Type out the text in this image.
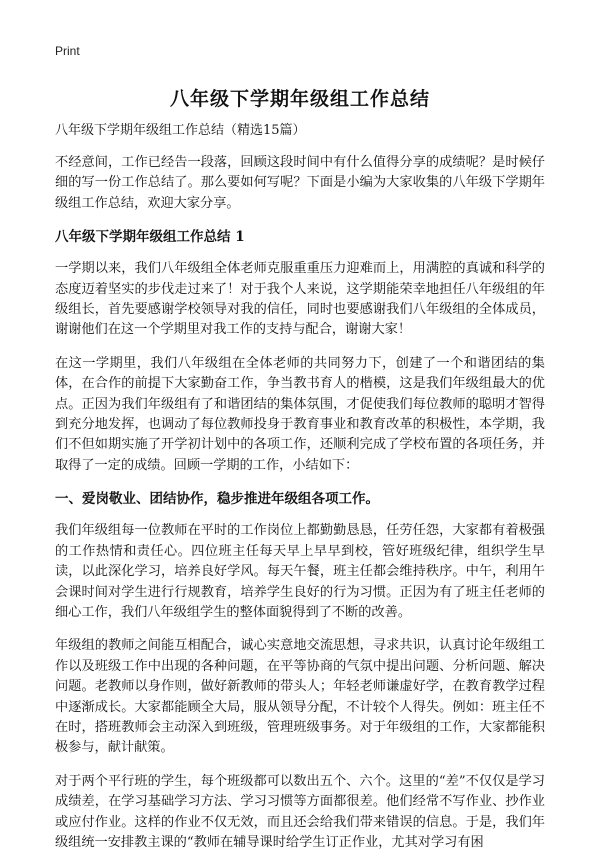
Print
八年级下学期年级组工作总结
八年级下学期年级组工作总结（精选15篇）

不经意间，工作已经告一段落，回顾这段时间中有什么值得分享的成绩呢？是时候仔细的写一份工作总结了。那么要如何写呢？下面是小编为大家收集的八年级下学期年级组工作总结，欢迎大家分享。

八年级下学期年级组工作总结 1

一学期以来，我们八年级组全体老师克服重重压力迎难而上，用满腔的真诚和科学的态度迈着坚实的步伐走过来了！对于我个人来说，这学期能荣幸地担任八年级组的年级组长，首先要感谢学校领导对我的信任，同时也要感谢我们八年级组的全体成员，谢谢他们在这一个学期里对我工作的支持与配合，谢谢大家！

在这一学期里，我们八年级组在全体老师的共同努力下，创建了一个和谐团结的集体，在合作的前提下大家勤奋工作，争当教书育人的楷模，这是我们年级组最大的优点。正因为我们年级组有了和谐团结的集体氛围，才促使我们每位教师的聪明才智得到充分地发挥，也调动了每位教师投身于教育事业和教育改革的积极性，本学期，我们不但如期实施了开学初计划中的各项工作，还顺利完成了学校布置的各项任务，并取得了一定的成绩。回顾一学期的工作，小结如下：

一、爱岗敬业、团结协作，稳步推进年级组各项工作。

我们年级组每一位教师在平时的工作岗位上都勤勤恳恳，任劳任怨，大家都有着极强的工作热情和责任心。四位班主任每天早上早早到校，管好班级纪律，组织学生早读，以此深化学习，培养良好学风。每天午餐，班主任都会维持秩序。中午，利用午会课时间对学生进行行规教育，培养学生良好的行为习惯。正因为有了班主任老师的细心工作，我们八年级组学生的整体面貌得到了不断的改善。

年级组的教师之间能互相配合，诚心实意地交流思想，寻求共识，认真讨论年级组工作以及班级工作中出现的各种问题，在平等协商的气氛中提出问题、分析问题、解决问题。老教师以身作则，做好新教师的带头人；年轻老师谦虚好学，在教育教学过程中逐渐成长。大家都能顾全大局，服从领导分配，不计较个人得失。例如：班主任不在时，搭班教师会主动深入到班级，管理班级事务。对于年级组的工作，大家都能积极参与，献计献策。

对于两个平行班的学生，每个班级都可以数出五个、六个。这里的“差”不仅仅是学习成绩差，在学习基础学习方法、学习习惯等方面都很差。他们经常不写作业、抄作业或应付作业。这样的作业不仅无效，而且还会给我们带来错误的信息。于是，我们年级组统一安排教主课的“教师在辅导课时给学生订正作业，尤其对学习有困
